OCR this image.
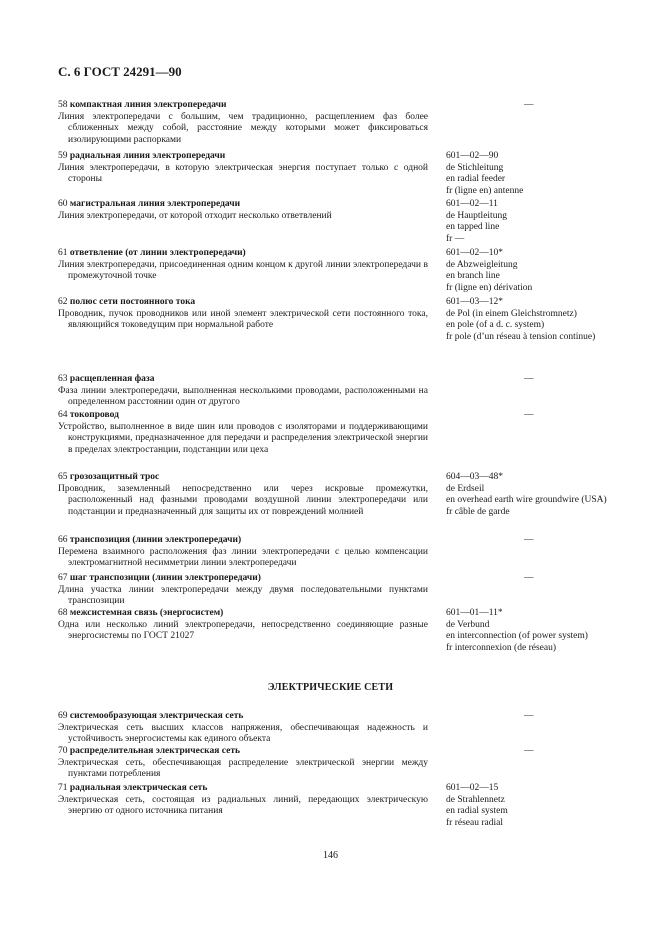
С. 6 ГОСТ 24291—90
58 компактная линия электропередачи
Линия электропередачи с большим, чем традиционно, расщеплением фаз более сближенных между собой, расстояние между которыми может фиксироваться изолирующими распорками
—
59 радиальная линия электропередачи
Линия электропередачи, в которую электрическая энергия поступает только с одной стороны
601—02—90
de Stichleitung
en radial feeder
fr (ligne en) antenne
60 магистральная линия электропередачи
Линия электропередачи, от которой отходит несколько ответвлений
601—02—11
de Hauptleitung
en tapped line
fr —
61 ответвление (от линии электропередачи)
Линия электропередачи, присоединенная одним концом к другой линии электропередачи в промежуточной точке
601—02—10*
de Abzweigleitung
en branch line
fr (ligne en) dérivation
62 полюс сети постоянного тока
Проводник, пучок проводников или иной элемент электрической сети постоянного тока, являющийся токоведущим при нормальной работе
601—03—12*
de Pol (in einem Gleichstromnetz)
en pole (of a d. c. system)
fr pole (d’un réseau à tension continue)
63 расщепленная фаза
Фаза линии электропередачи, выполненная несколькими проводами, расположенными на определенном расстоянии один от другого
—
64 токопровод
Устройство, выполненное в виде шин или проводов с изоляторами и поддерживающими конструкциями, предназначенное для передачи и распределения электрической энергии в пределах электростанции, подстанции или цеха
—
65 грозозащитный трос
Проводник, заземленный непосредственно или через искровые промежутки, расположенный над фазными проводами воздушной линии электропередачи или подстанции и предназначенный для защиты их от повреждений молнией
604—03—48*
de Erdseil
en overhead earth wire groundwire (USA)
fr câble de garde
66 транспозиция (линии электропередачи)
Перемена взаимного расположения фаз линии электропередачи с целью компенсации электромагнитной несимметрии линии электропередачи
—
67 шаг транспозиции (линии электропередачи)
Длина участка линии электропередачи между двумя последовательными пунктами транспозиции
—
68 межсистемная связь (энергосистем)
Одна или несколько линий электропередачи, непосредственно соединяющие разные энергосистемы по ГОСТ 21027
601—01—11*
de Verbund
en interconnection (of power system)
fr interconnexion (de réseau)
69 системообразующая электрическая сеть
Электрическая сеть высших классов напряжения, обеспечивающая надежность и устойчивость энергосистемы как единого объекта
—
70 распределительная электрическая сеть
Электрическая сеть, обеспечивающая распределение электрической энергии между пунктами потребления
—
71 радиальная электрическая сеть
Электрическая сеть, состоящая из радиальных линий, передающих электрическую энергию от одного источника питания
601—02—15
de Strahlennetz
en radial system
fr réseau radial
ЭЛЕКТРИЧЕСКИЕ СЕТИ
146
